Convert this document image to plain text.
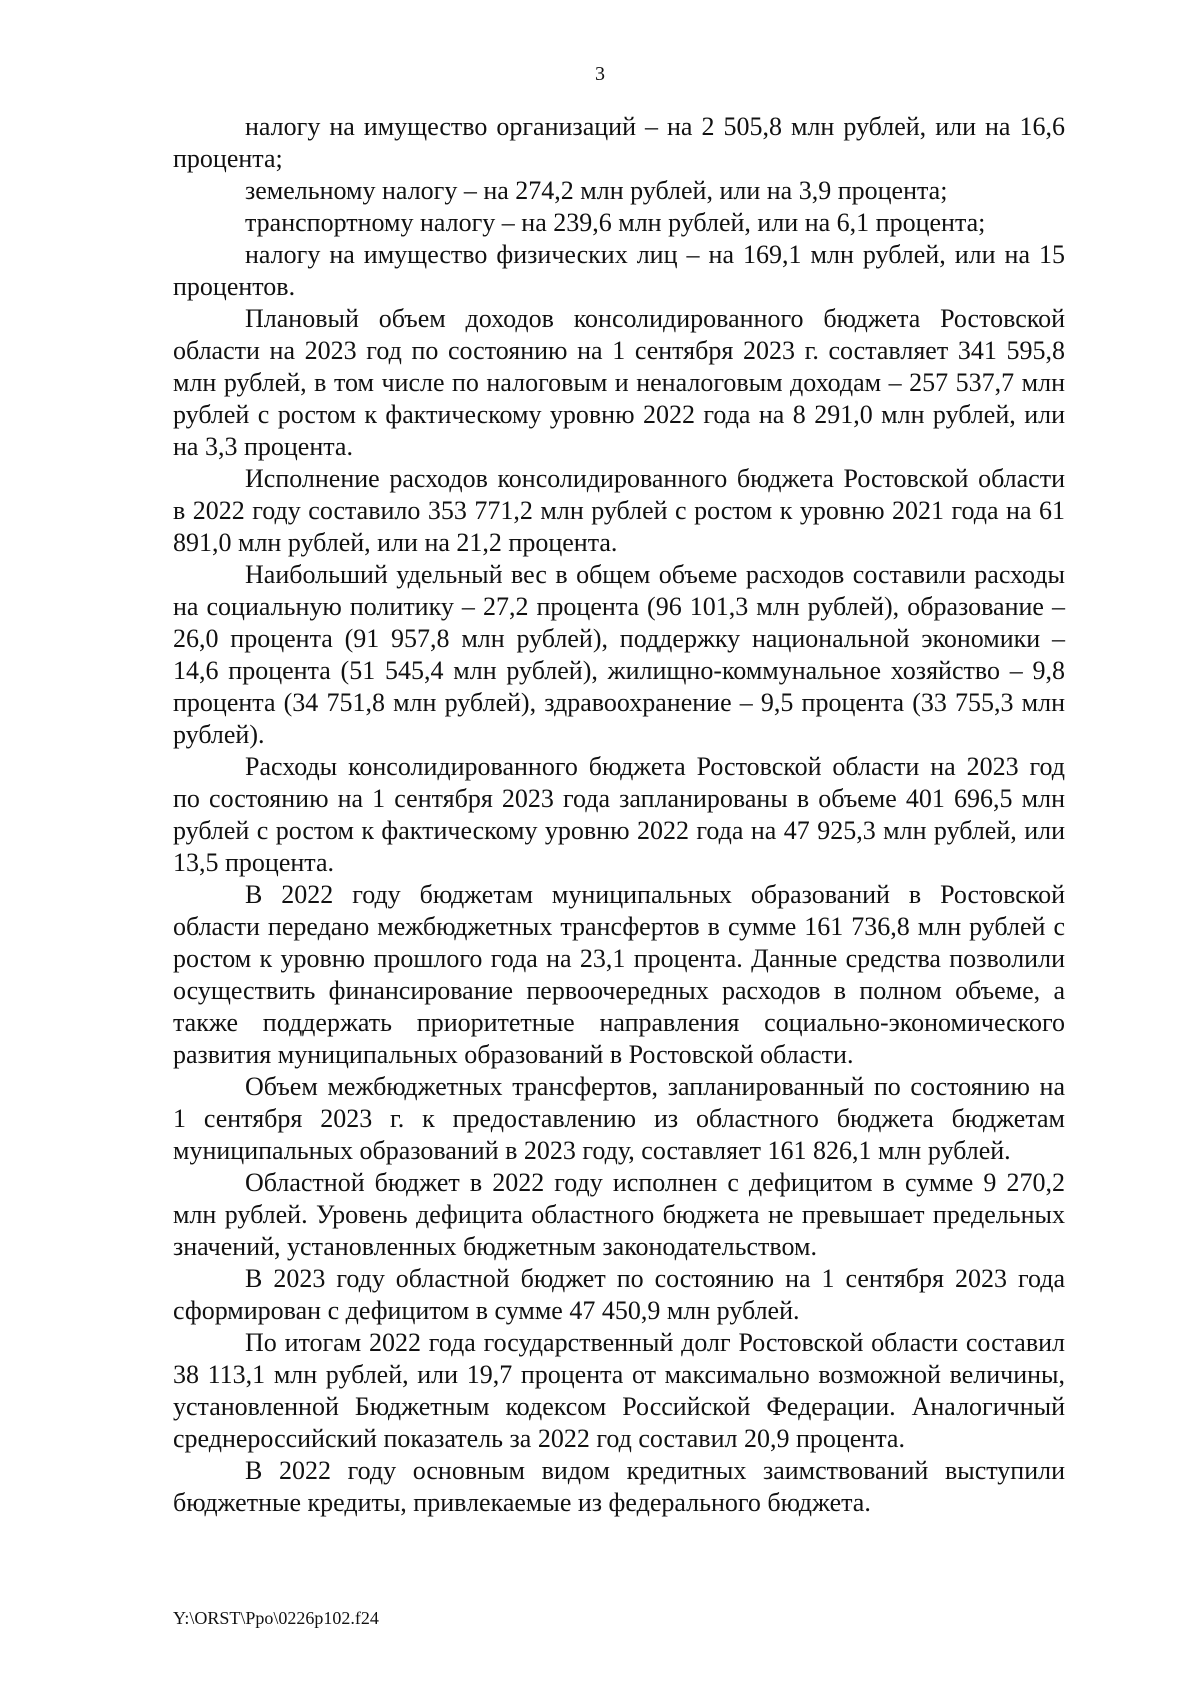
3

налогу на имущество организаций – на 2 505,8 млн рублей, или на 16,6 процента;

земельному налогу – на 274,2 млн рублей, или на 3,9 процента;

транспортному налогу – на 239,6 млн рублей, или на 6,1 процента;

налогу на имущество физических лиц – на 169,1 млн рублей, или на 15 процентов.

Плановый объем доходов консолидированного бюджета Ростовской области на 2023 год по состоянию на 1 сентября 2023 г. составляет 341 595,8 млн рублей, в том числе по налоговым и неналоговым доходам – 257 537,7 млн рублей с ростом к фактическому уровню 2022 года на 8 291,0 млн рублей, или на 3,3 процента.

Исполнение расходов консолидированного бюджета Ростовской области в 2022 году составило 353 771,2 млн рублей с ростом к уровню 2021 года на 61 891,0 млн рублей, или на 21,2 процента.

Наибольший удельный вес в общем объеме расходов составили расходы на социальную политику – 27,2 процента (96 101,3 млн рублей), образование – 26,0 процента (91 957,8 млн рублей), поддержку национальной экономики – 14,6 процента (51 545,4 млн рублей), жилищно-коммунальное хозяйство – 9,8 процента (34 751,8 млн рублей), здравоохранение – 9,5 процента (33 755,3 млн рублей).

Расходы консолидированного бюджета Ростовской области на 2023 год по состоянию на 1 сентября 2023 года запланированы в объеме 401 696,5 млн рублей с ростом к фактическому уровню 2022 года на 47 925,3 млн рублей, или 13,5 процента.

В 2022 году бюджетам муниципальных образований в Ростовской области передано межбюджетных трансфертов в сумме 161 736,8 млн рублей с ростом к уровню прошлого года на 23,1 процента. Данные средства позволили осуществить финансирование первоочередных расходов в полном объеме, а также поддержать приоритетные направления социально-экономического развития муниципальных образований в Ростовской области.

Объем межбюджетных трансфертов, запланированный по состоянию на 1 сентября 2023 г. к предоставлению из областного бюджета бюджетам муниципальных образований в 2023 году, составляет 161 826,1 млн рублей.

Областной бюджет в 2022 году исполнен с дефицитом в сумме 9 270,2 млн рублей. Уровень дефицита областного бюджета не превышает предельных значений, установленных бюджетным законодательством.

В 2023 году областной бюджет по состоянию на 1 сентября 2023 года сформирован с дефицитом в сумме 47 450,9 млн рублей.

По итогам 2022 года государственный долг Ростовской области составил 38 113,1 млн рублей, или 19,7 процента от максимально возможной величины, установленной Бюджетным кодексом Российской Федерации. Аналогичный среднероссийский показатель за 2022 год составил 20,9 процента.

В 2022 году основным видом кредитных заимствований выступили бюджетные кредиты, привлекаемые из федерального бюджета.

Y:\ORST\Ppo\0226p102.f24
